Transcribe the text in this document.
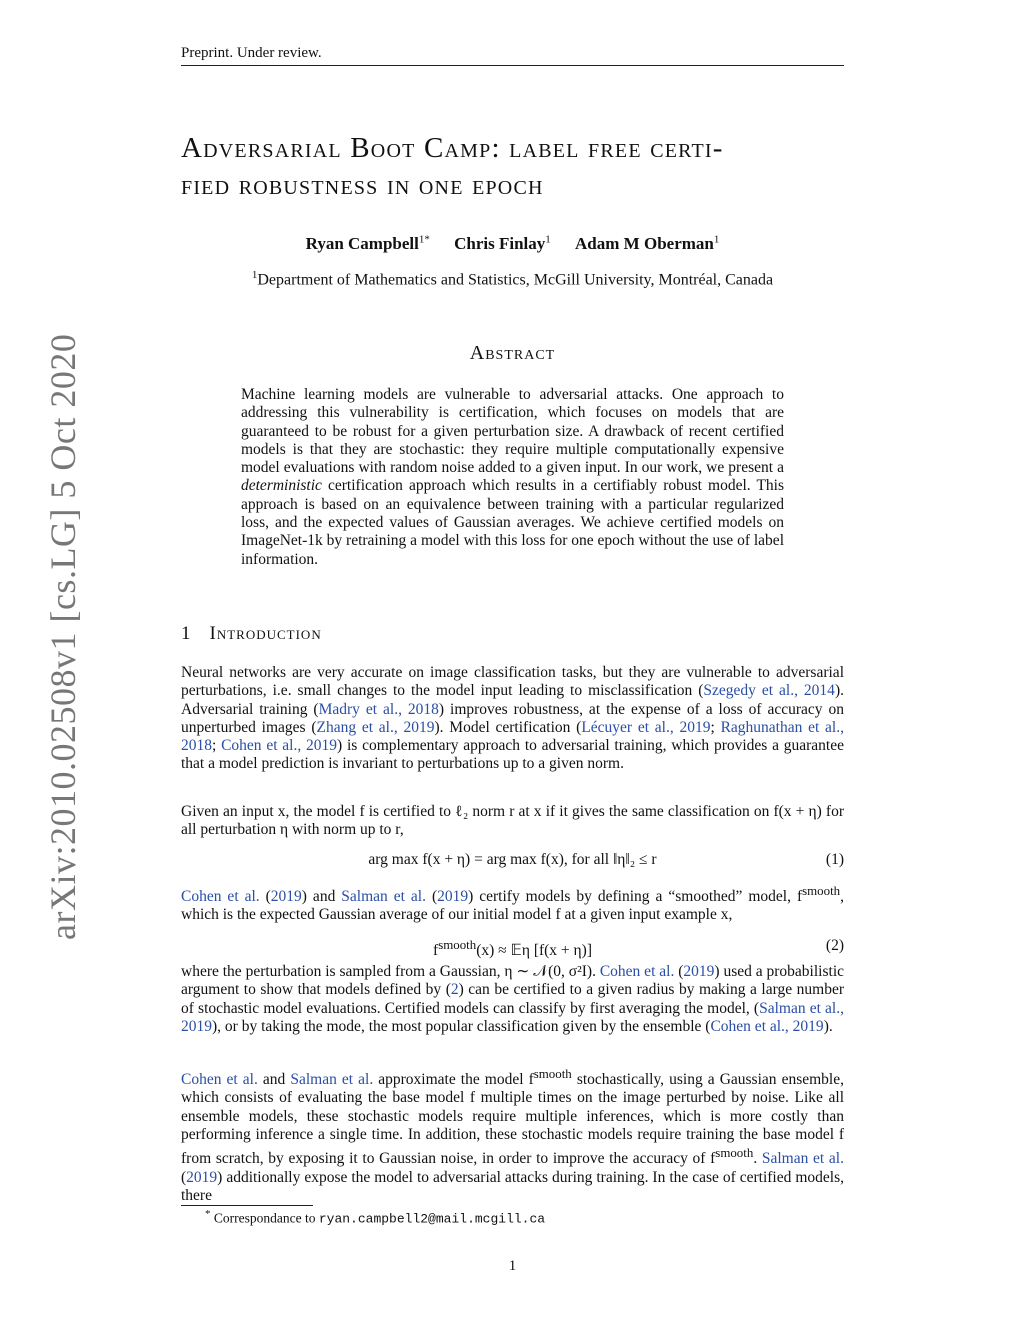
Preprint. Under review.
arXiv:2010.02508v1 [cs.LG] 5 Oct 2020
Adversarial Boot Camp: label free certi-
fied robustness in one epoch
Ryan Campbell$^{1*}$ Chris Finlay$^1$ Adam M Oberman$^1$
$^1$Department of Mathematics and Statistics, McGill University, Montréal, Canada
Abstract
Machine learning models are vulnerable to adversarial attacks. One approach to addressing this vulnerability is certification, which focuses on models that are guaranteed to be robust for a given perturbation size. A drawback of recent certified models is that they are stochastic: they require multiple computationally expensive model evaluations with random noise added to a given input. In our work, we present a deterministic certification approach which results in a certifiably robust model. This approach is based on an equivalence between training with a particular regularized loss, and the expected values of Gaussian averages. We achieve certified models on ImageNet-1k by retraining a model with this loss for one epoch without the use of label information.
1 Introduction
Neural networks are very accurate on image classification tasks, but they are vulnerable to adversarial perturbations, i.e. small changes to the model input leading to misclassification (Szegedy et al., 2014). Adversarial training (Madry et al., 2018) improves robustness, at the expense of a loss of accuracy on unperturbed images (Zhang et al., 2019). Model certification (Lécuyer et al., 2019; Raghunathan et al., 2018; Cohen et al., 2019) is complementary approach to adversarial training, which provides a guarantee that a model prediction is invariant to perturbations up to a given norm.
Given an input x, the model f is certified to ℓ₂ norm r at x if it gives the same classification on f(x + η) for all perturbation η with norm up to r,
arg max f(x + η) = arg max f(x), for all ‖η‖₂ ≤ r	(1)
Cohen et al. (2019) and Salman et al. (2019) certify models by defining a “smoothed” model, $f^{smooth}$, which is the expected Gaussian average of our initial model f at a given input example x,
$f^{smooth}(x)$ ≈ 𝔼η [f(x + η)]	(2)
where the perturbation is sampled from a Gaussian, η ∼ 𝒩(0, σ²I). Cohen et al. (2019) used a probabilistic argument to show that models defined by (2) can be certified to a given radius by making a large number of stochastic model evaluations. Certified models can classify by first averaging the model, (Salman et al., 2019), or by taking the mode, the most popular classification given by the ensemble (Cohen et al., 2019).
Cohen et al. and Salman et al. approximate the model $f^{smooth}$ stochastically, using a Gaussian ensemble, which consists of evaluating the base model f multiple times on the image perturbed by noise. Like all ensemble models, these stochastic models require multiple inferences, which is more costly than performing inference a single time. In addition, these stochastic models require training the base model f from scratch, by exposing it to Gaussian noise, in order to improve the accuracy of $f^{smooth}$. Salman et al. (2019) additionally expose the model to adversarial attacks during training. In the case of certified models, there
* Correspondance to ryan.campbell2@mail.mcgill.ca
1
